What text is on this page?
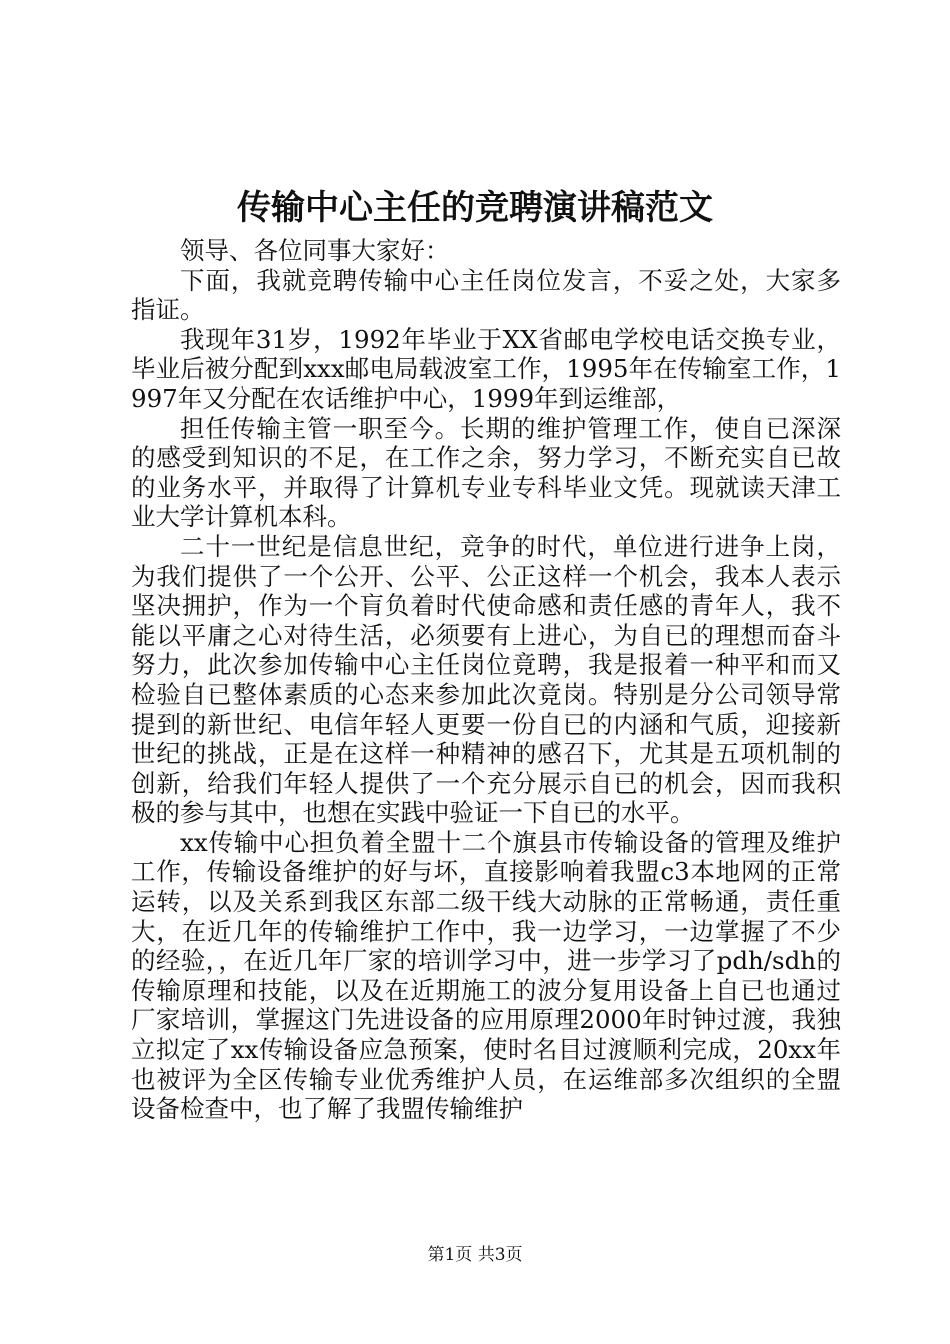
传输中心主任的竞聘演讲稿范文

领导、各位同事大家好：

下面，我就竞聘传输中心主任岗位发言，不妥之处，大家多指证。

我现年31岁，1992年毕业于XX省邮电学校电话交换专业，毕业后被分配到xxx邮电局载波室工作，1995年在传输室工作，1997年又分配在农话维护中心，1999年到运维部，

担任传输主管一职至今。长期的维护管理工作，使自已深深的感受到知识的不足，在工作之余，努力学习，不断充实自已故的业务水平，并取得了计算机专业专科毕业文凭。现就读天津工业大学计算机本科。

二十一世纪是信息世纪，竞争的时代，单位进行进争上岗，为我们提供了一个公开、公平、公正这样一个机会，我本人表示坚决拥护，作为一个肓负着时代使命感和责任感的青年人，我不能以平庸之心对待生活，必须要有上进心，为自已的理想而奋斗努力，此次参加传输中心主任岗位竟聘，我是报着一种平和而又检验自已整体素质的心态来参加此次竟岗。特别是分公司领导常提到的新世纪、电信年轻人更要一份自已的内涵和气质，迎接新世纪的挑战，正是在这样一种精神的感召下，尤其是五项机制的创新，给我们年轻人提供了一个充分展示自已的机会，因而我积极的参与其中，也想在实践中验证一下自已的水平。

xx传输中心担负着全盟十二个旗县市传输设备的管理及维护工作，传输设备维护的好与坏，直接影响着我盟c3本地网的正常运转，以及关系到我区东部二级干线大动脉的正常畅通，责任重大，在近几年的传输维护工作中，我一边学习，一边掌握了不少的经验，，在近几年厂家的培训学习中，进一步学习了pdh/sdh的传输原理和技能，以及在近期施工的波分复用设备上自已也通过厂家培训，掌握这门先进设备的应用原理2000年时钟过渡，我独立拟定了xx传输设备应急预案，使时名目过渡顺利完成，20xx年也被评为全区传输专业优秀维护人员，在运维部多次组织的全盟设备检查中，也了解了我盟传输维护

第1页 共3页
